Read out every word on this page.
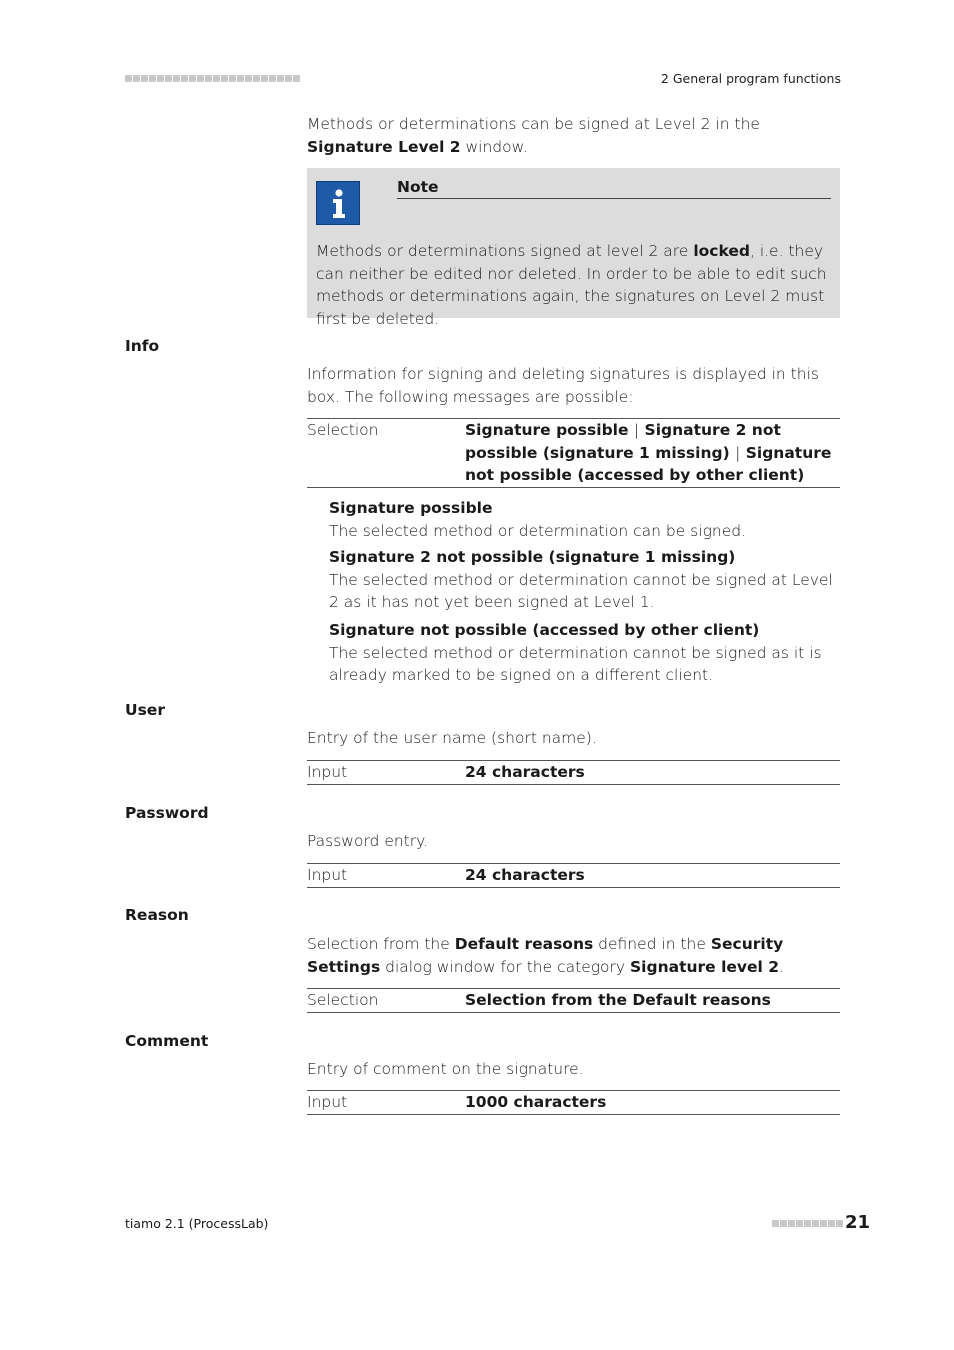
2 General program functions
Methods or determinations can be signed at Level 2 in the Signature Level 2 window.
Note
Methods or determinations signed at level 2 are locked, i.e. they can neither be edited nor deleted. In order to be able to edit such methods or determinations again, the signatures on Level 2 must first be deleted.
Info
Information for signing and deleting signatures is displayed in this box. The following messages are possible:
Selection	Signature possible | Signature 2 not possible (signature 1 missing) | Signature not possible (accessed by other client)
Signature possible
The selected method or determination can be signed.
Signature 2 not possible (signature 1 missing)
The selected method or determination cannot be signed at Level 2 as it has not yet been signed at Level 1.
Signature not possible (accessed by other client)
The selected method or determination cannot be signed as it is already marked to be signed on a different client.
User
Entry of the user name (short name).
Input	24 characters
Password
Password entry.
Input	24 characters
Reason
Selection from the Default reasons defined in the Security Settings dialog window for the category Signature level 2.
Selection	Selection from the Default reasons
Comment
Entry of comment on the signature.
Input	1000 characters
tiamo 2.1 (ProcessLab)	21
